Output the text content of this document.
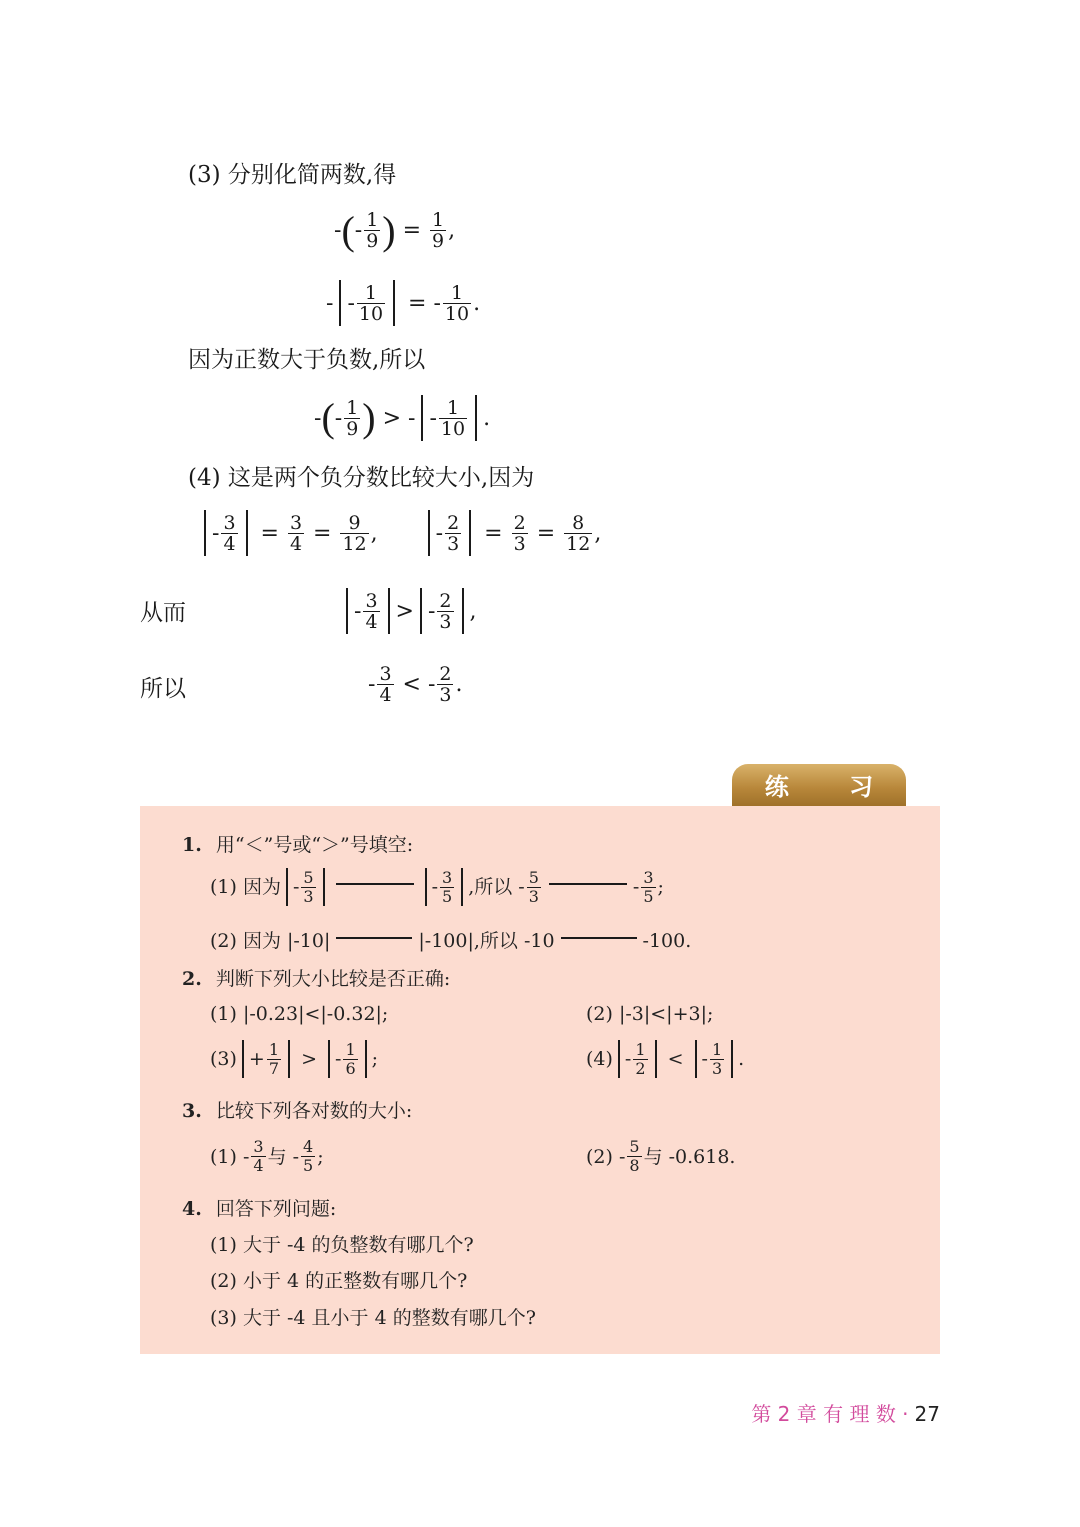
(3) 分别化简两数,得
- ( - $\frac{1}{9}$ ) = $\frac{1}{9}$ ,
- - $\frac{1}{10}$ = - $\frac{1}{10}$ .
因为正数大于负数,所以
- ( - $\frac{1}{9}$ ) > - - $\frac{1}{10}$ .
(4) 这是两个负分数比较大小,因为
- $\frac{3}{4} = \frac{3}{4} = \frac{9}{12}$ ,	- $\frac{2}{3} = \frac{2}{3} = \frac{8}{12}$ ,
从而	- $\frac{3}{4}$ > - $\frac{2}{3}$ ,
所以	- $\frac{3}{4}$ < - $\frac{2}{3}$ .
练 习
1. 用“＜”号或“＞”号填空:
(1) 因为 - $\frac{5}{3}$	- $\frac{3}{5}$ ,所以 - $\frac{5}{3}$	- $\frac{3}{5}$ ;
(2) 因为 |-10|	|-100|,所以 -10	-100.
2. 判断下列大小比较是否正确:
(1) |-0.23|<|-0.32|;	(2) |-3|<|+3|;
$(3) + \frac{1}{7}$ > - $\frac{1}{6}$ ;	$(4) - \frac{1}{2}$ < - $\frac{1}{3}$ .
3. 比较下列各对数的大小:
$(1) - \frac{3}{4}$ 与 - $\frac{4}{5}$ ;	$(2) - \frac{5}{8}$ 与 -0.618.
4. 回答下列问题:
(1) 大于 -4 的负整数有哪几个?
(2) 小于 4 的正整数有哪几个?
(3) 大于 -4 且小于 4 的整数有哪几个?
第 2 章 有 理 数 · 27
